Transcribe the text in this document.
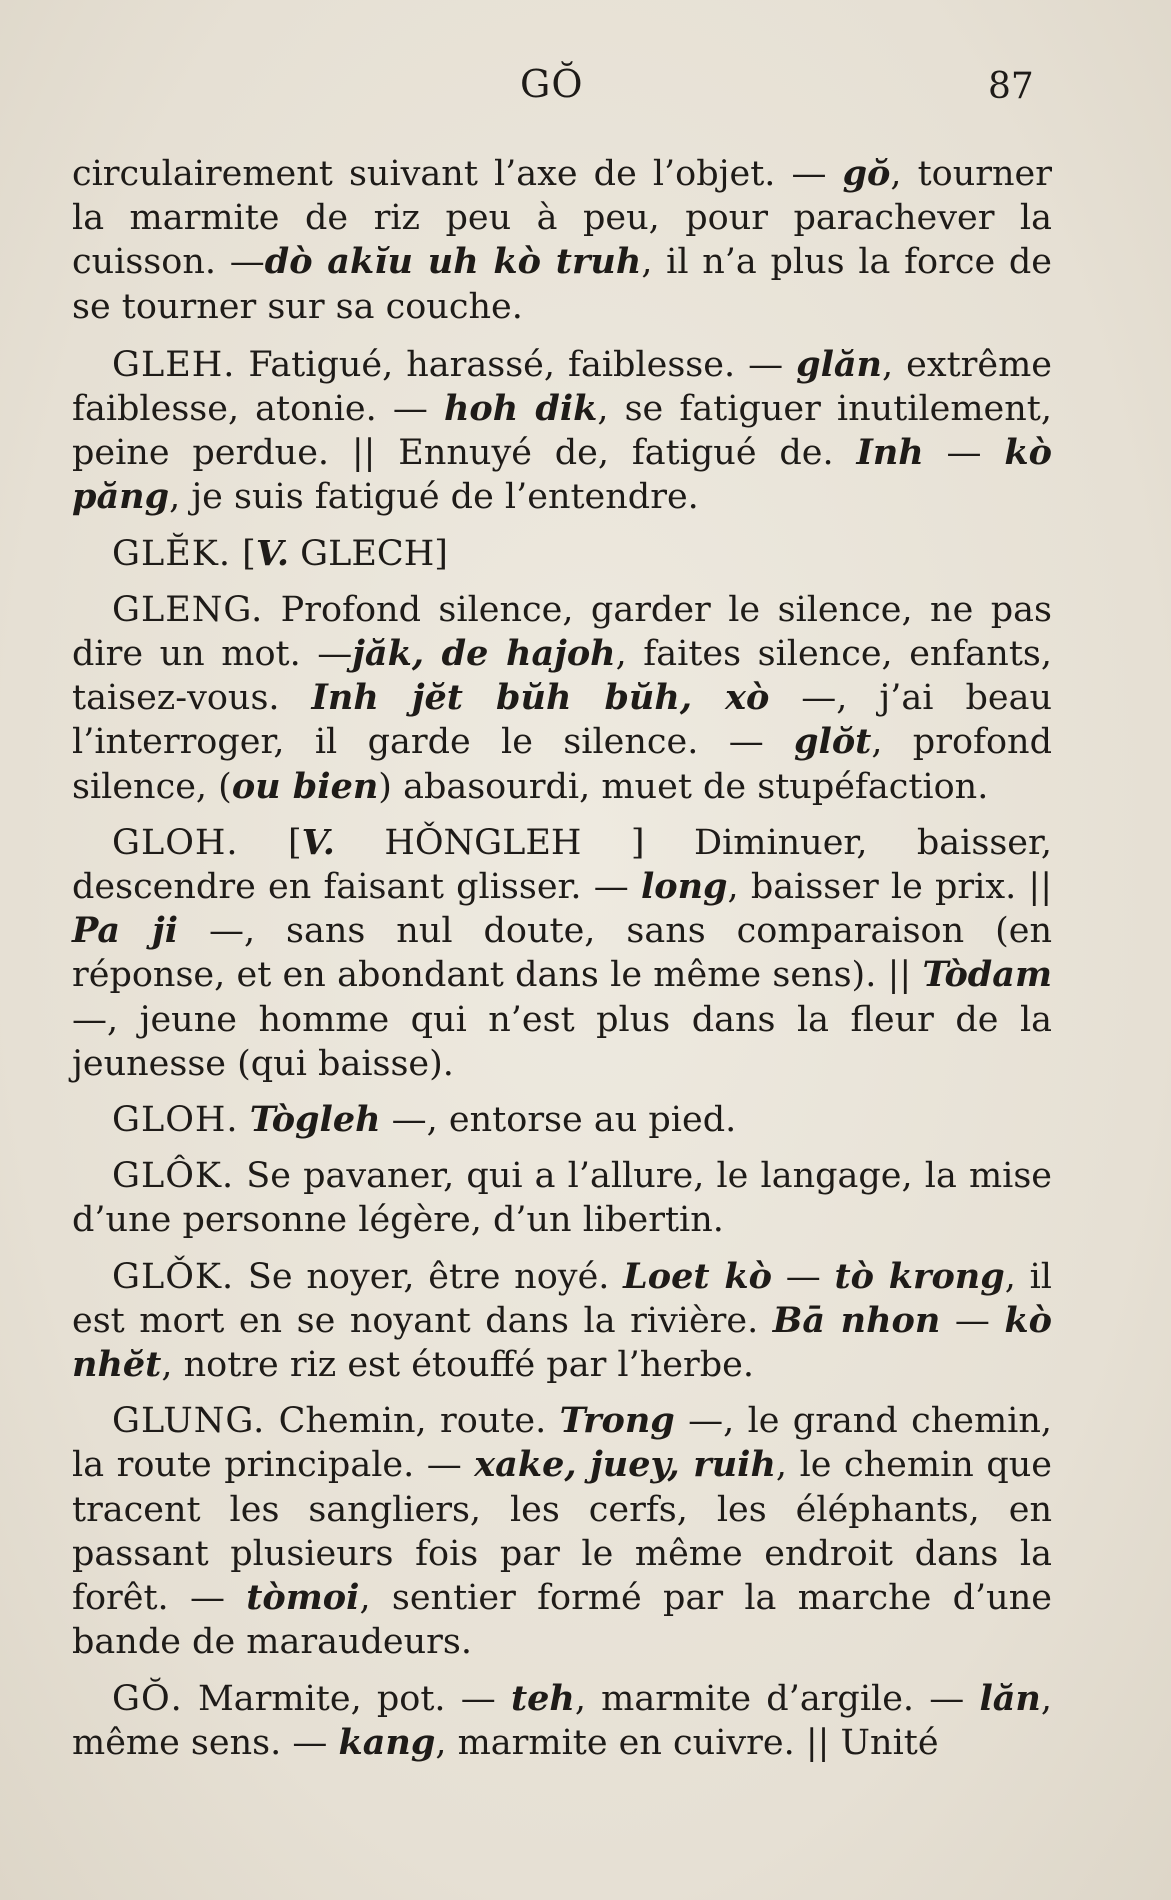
GŎ	87

circulairement suivant l’axe de l’objet. — gŏ, tourner la marmite de riz peu à peu, pour parachever la cuisson. —dò akĭu uh kò truh, il n’a plus la force de se tourner sur sa couche.

GLEH. Fatigué, harassé, faiblesse. — glăn, extrême faiblesse, atonie. — hoh dik, se fatiguer inutilement, peine perdue. || Ennuyé de, fatigué de. Inh — kò păng, je suis fatigué de l’entendre.

GLĔK. [V. GLECH]

GLENG. Profond silence, garder le silence, ne pas dire un mot. —jăk, de hajoh, faites silence, enfants, taisez-vous. Inh jĕt bŭh bŭh, xò —, j’ai beau l’interroger, il garde le silence. — glŏt, profond silence, (ou bien) abasourdi, muet de stupéfaction.

GLOH. [V. HǑNGLEH ] Diminuer, baisser, descendre en faisant glisser. — long, baisser le prix. || Pa ji —, sans nul doute, sans comparaison (en réponse, et en abondant dans le même sens). || Tòdam —, jeune homme qui n’est plus dans la fleur de la jeunesse (qui baisse).

GLOH. Tògleh —, entorse au pied.

GLÔK. Se pavaner, qui a l’allure, le langage, la mise d’une personne légère, d’un libertin.

GLǑK. Se noyer, être noyé. Loet kò — tò krong, il est mort en se noyant dans la rivière. Bā nhon — kò nhĕt, notre riz est étouffé par l’herbe.

GLUNG. Chemin, route. Trong —, le grand chemin, la route principale. — xake, juey, ruih, le chemin que tracent les sangliers, les cerfs, les éléphants, en passant plusieurs fois par le même endroit dans la forêt. — tòmoi, sentier formé par la marche d’une bande de maraudeurs.

GŎ. Marmite, pot. — teh, marmite d’argile. — lăn, même sens. — kang, marmite en cuivre. || Unité
